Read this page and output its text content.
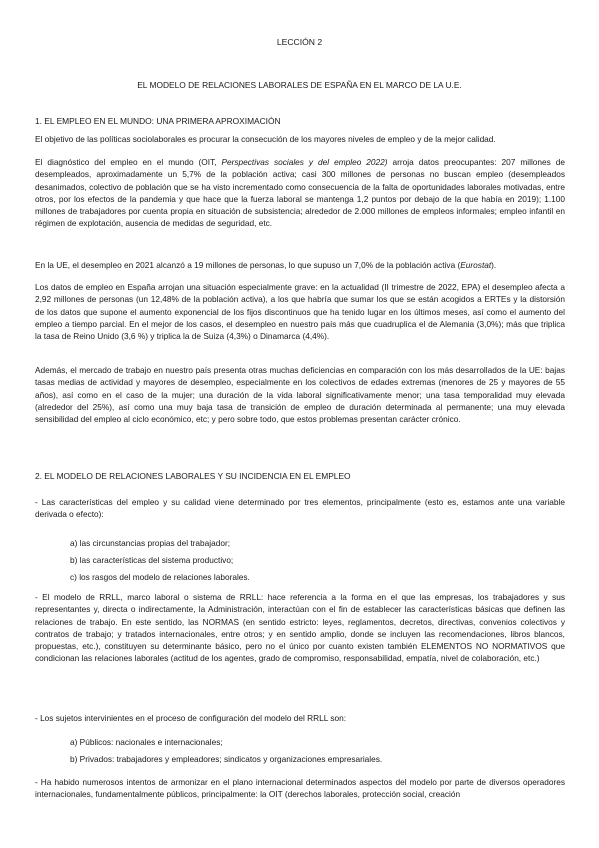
LECCIÓN 2
EL MODELO DE RELACIONES LABORALES DE ESPAÑA EN EL MARCO DE LA U.E.
1. EL EMPLEO EN EL MUNDO: UNA PRIMERA APROXIMACIÓN

El objetivo de las políticas sociolaborales es procurar la consecución de los mayores niveles de empleo y de la mejor calidad.

El diagnóstico del empleo en el mundo (OIT, Perspectivas sociales y del empleo 2022) arroja datos preocupantes: 207 millones de desempleados, aproximadamente un 5,7% de la población activa; casi 300 millones de personas no buscan empleo (desempleados desanimados, colectivo de población que se ha visto incrementado como consecuencia de la falta de oportunidades laborales motivadas, entre otros, por los efectos de la pandemia y que hace que la fuerza laboral se mantenga 1,2 puntos por debajo de la que había en 2019); 1.100 millones de trabajadores por cuenta propia en situación de subsistencia; alrededor de 2.000 millones de empleos informales; empleo infantil en régimen de explotación, ausencia de medidas de seguridad, etc.

En la UE, el desempleo en 2021 alcanzó a 19 millones de personas, lo que supuso un 7,0% de la población activa (Eurostat).

Los datos de empleo en España arrojan una situación especialmente grave: en la actualidad (II trimestre de 2022, EPA) el desempleo afecta a 2,92 millones de personas (un 12,48% de la población activa), a los que habría que sumar los que se están acogidos a ERTEs y la distorsión de los datos que supone el aumento exponencial de los fijos discontinuos que ha tenido lugar en los últimos meses, así como el aumento del empleo a tiempo parcial. En el mejor de los casos, el desempleo en nuestro país más que cuadruplica el de Alemania (3,0%); más que triplica la tasa de Reino Unido (3,6 %) y triplica la de Suiza (4,3%) o Dinamarca (4,4%).

Además, el mercado de trabajo en nuestro país presenta otras muchas deficiencias en comparación con los más desarrollados de la UE: bajas tasas medias de actividad y mayores de desempleo, especialmente en los colectivos de edades extremas (menores de 25 y mayores de 55 años), así como en el caso de la mujer; una duración de la vida laboral significativamente menor; una tasa temporalidad muy elevada (alrededor del 25%), así como una muy baja tasa de transición de empleo de duración determinada al permanente; una muy elevada sensibilidad del empleo al ciclo económico, etc; y pero sobre todo, que estos problemas presentan carácter crónico.

2. EL MODELO DE RELACIONES LABORALES Y SU INCIDENCIA EN EL EMPLEO

- Las características del empleo y su calidad viene determinado por tres elementos, principalmente (esto es, estamos ante una variable derivada o efecto):

a) las circunstancias propias del trabajador;
b) las características del sistema productivo;
c) los rasgos del modelo de relaciones laborales.

- El modelo de RRLL, marco laboral o sistema de RRLL: hace referencia a la forma en el que las empresas, los trabajadores y sus representantes y, directa o indirectamente, la Administración, interactúan con el fin de establecer las características básicas que definen las relaciones de trabajo. En este sentido, las NORMAS (en sentido estricto: leyes, reglamentos, decretos, directivas, convenios colectivos y contratos de trabajo; y tratados internacionales, entre otros; y en sentido amplio, donde se incluyen las recomendaciones, libros blancos, propuestas, etc.), constituyen su determinante básico, pero no el único por cuanto existen también ELEMENTOS NO NORMATIVOS que condicionan las relaciones laborales (actitud de los agentes, grado de compromiso, responsabilidad, empatía, nivel de colaboración, etc.)

- Los sujetos intervinientes en el proceso de configuración del modelo del RRLL son:

a) Públicos: nacionales e internacionales;
b) Privados: trabajadores y empleadores; sindicatos y organizaciones empresariales.

- Ha habido numerosos intentos de armonizar en el plano internacional determinados aspectos del modelo por parte de diversos operadores internacionales, fundamentalmente públicos, principalmente: la OIT (derechos laborales, protección social, creación
